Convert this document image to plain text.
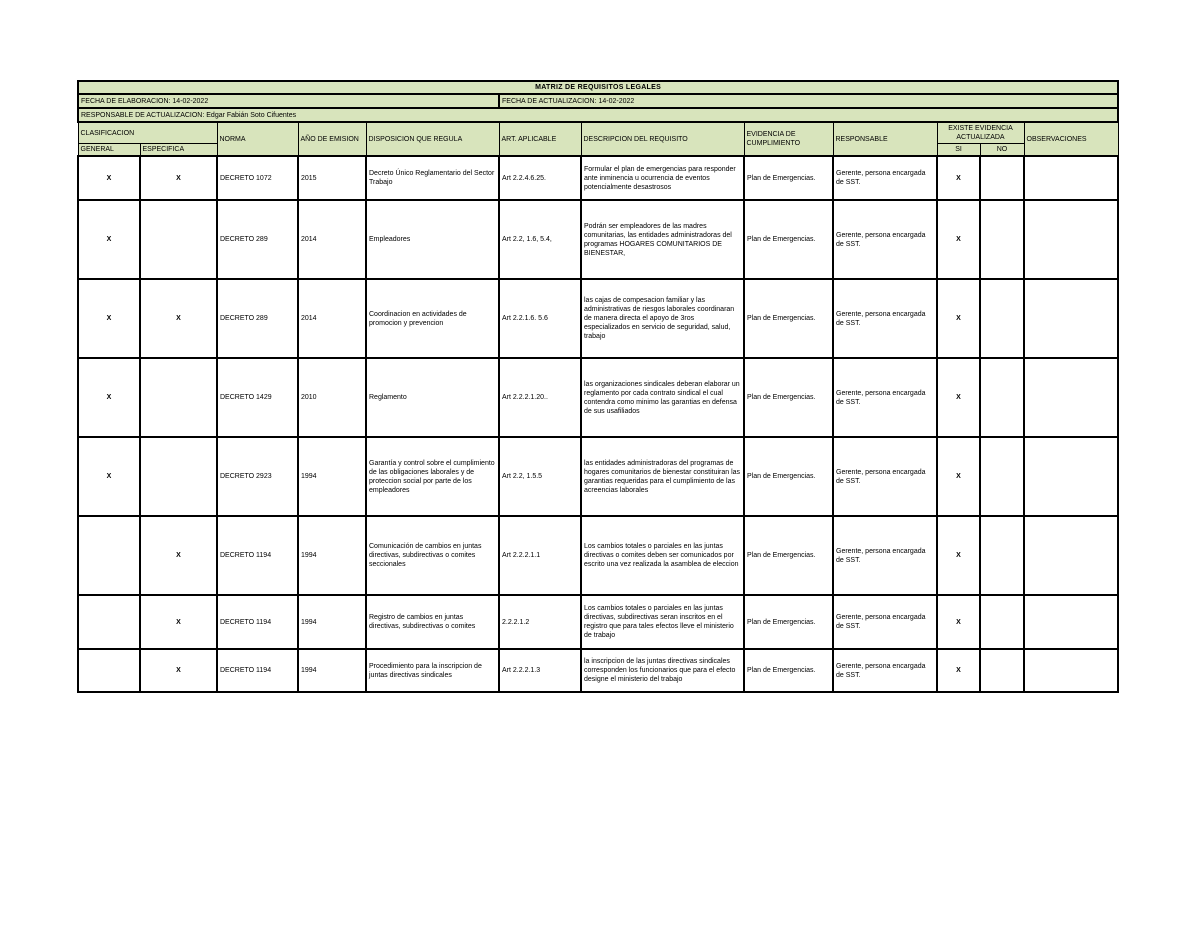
MATRIZ DE REQUISITOS LEGALES											
FECHA DE ELABORACION: 14-02-2022					FECHA DE ACTUALIZACION: 14-02-2022						
RESPONSABLE DE ACTUALIZACION: Edgar Fabián Soto Cifuentes											
CLASIFICACION		NORMA	AÑO DE EMISION	DISPOSICION QUE REGULA	ART. APLICABLE	DESCRIPCION DEL REQUISITO	EVIDENCIA DE CUMPLIMIENTO	RESPONSABLE	EXISTE EVIDENCIA ACTUALIZADA		OBSERVACIONES
GENERAL	ESPECIFICA								SI	NO	
X	X	DECRETO 1072	2015	Decreto Único Reglamentario del Sector Trabajo	Art 2.2.4.6.25.	Formular el plan de emergencias para responder ante inminencia u ocurrencia de eventos potencialmente desastrosos	Plan de Emergencias.	Gerente, persona encargada de SST.	X		
X		DECRETO 289	2014	Empleadores	Art 2.2, 1.6, 5.4,	Podrán ser empleadores de las madres comunitarias, las entidades administradoras del programas HOGARES COMUNITARIOS DE BIENESTAR,	Plan de Emergencias.	Gerente, persona encargada de SST.	X		
X	X	DECRETO 289	2014	Coordinacion en actividades de promocion y prevencion	Art 2.2.1.6. 5.6	las cajas de compesacion familiar y las administrativas de riesgos laborales coordinaran de manera directa el apoyo de 3ros especializados en servicio de seguridad, salud, trabajo	Plan de Emergencias.	Gerente, persona encargada de SST.	X		
X		DECRETO 1429	2010	Reglamento	Art 2.2.2.1.20..	las organizaciones sindicales deberan elaborar un reglamento por cada contrato sindical el cual contendra como minimo las garantias en defensa de sus usafiliados	Plan de Emergencias.	Gerente, persona encargada de SST.	X		
X		DECRETO 2923	1994	Garantía y control sobre el cumplimiento de las obligaciones laborales y de proteccion social por parte de los empleadores	Art 2.2, 1.5.5	las entidades administradoras del programas de hogares comunitarios de bienestar constituiran las garantias requeridas para el cumplimiento de las acreencias laborales	Plan de Emergencias.	Gerente, persona encargada de SST.	X		
	X	DECRETO 1194	1994	Comunicación de cambios en juntas directivas, subdirectivas o comites seccionales	Art 2.2.2.1.1	Los cambios totales o parciales en las juntas directivas o comites deben ser comunicados por escrito una vez realizada la asamblea de eleccion	Plan de Emergencias.	Gerente, persona encargada de SST.	X		
	X	DECRETO 1194	1994	Registro de cambios en juntas directivas, subdirectivas o comites	2.2.2.1.2	Los cambios totales o parciales en las juntas directivas, subdirectivas seran inscritos en el registro que para tales efectos lleve el ministerio de trabajo	Plan de Emergencias.	Gerente, persona encargada de SST.	X		
	X	DECRETO 1194	1994	Procedimiento para la inscripcion de juntas directivas sindicales	Art 2.2.2.1.3	la inscripcion de las juntas directivas sindicales corresponden los funcionarios que para el efecto designe el ministerio del trabajo	Plan de Emergencias.	Gerente, persona encargada de SST.	X		
